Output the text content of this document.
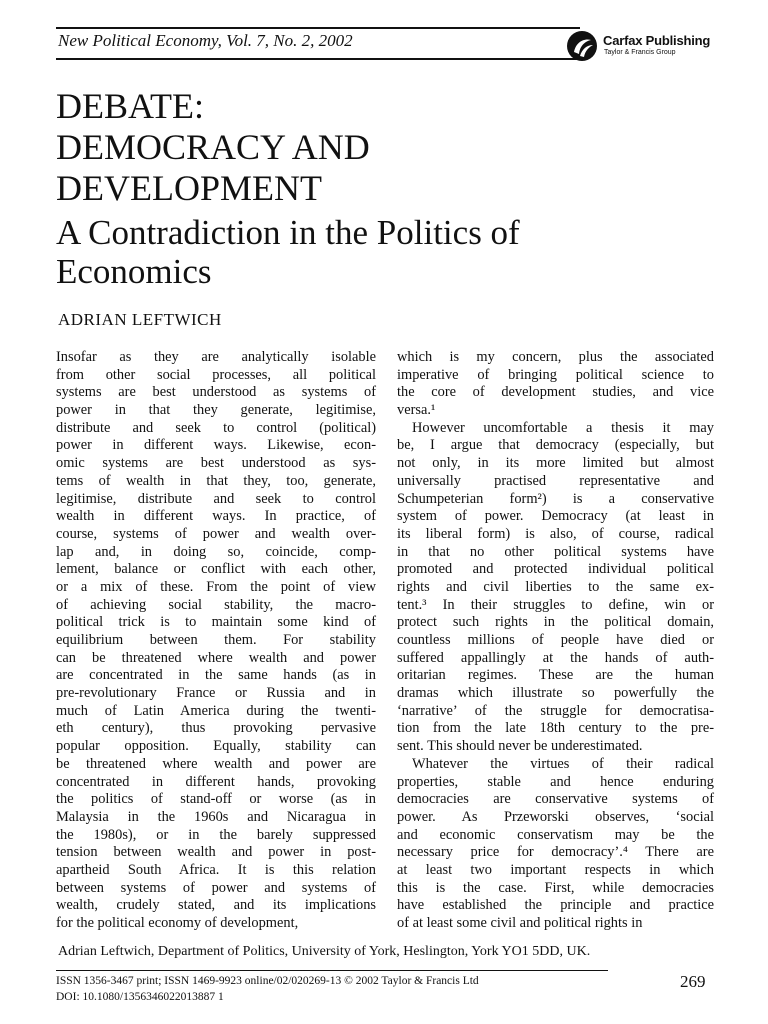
New Political Economy, Vol. 7, No. 2, 2002	Carfax Publishing
Taylor & Francis Group
DEBATE:
DEMOCRACY AND
DEVELOPMENT
A Contradiction in the Politics of
Economics
ADRIAN LEFTWICH
Insofar as they are analytically isolable
from other social processes, all political
systems are best understood as systems of
power in that they generate, legitimise,
distribute and seek to control (political)
power in different ways. Likewise, econ-
omic systems are best understood as sys-
tems of wealth in that they, too, generate,
legitimise, distribute and seek to control
wealth in different ways. In practice, of
course, systems of power and wealth over-
lap and, in doing so, coincide, comp-
lement, balance or conflict with each other,
or a mix of these. From the point of view
of achieving social stability, the macro-
political trick is to maintain some kind of
equilibrium between them. For stability
can be threatened where wealth and power
are concentrated in the same hands (as in
pre-revolutionary France or Russia and in
much of Latin America during the twenti-
eth century), thus provoking pervasive
popular opposition. Equally, stability can
be threatened where wealth and power are
concentrated in different hands, provoking
the politics of stand-off or worse (as in
Malaysia in the 1960s and Nicaragua in
the 1980s), or in the barely suppressed
tension between wealth and power in post-
apartheid South Africa. It is this relation
between systems of power and systems of
wealth, crudely stated, and its implications
for the political economy of development,
which is my concern, plus the associated
imperative of bringing political science to
the core of development studies, and vice
versa.¹
However uncomfortable a thesis it may
be, I argue that democracy (especially, but
not only, in its more limited but almost
universally practised representative and
Schumpeterian form²) is a conservative
system of power. Democracy (at least in
its liberal form) is also, of course, radical
in that no other political systems have
promoted and protected individual political
rights and civil liberties to the same ex-
tent.³ In their struggles to define, win or
protect such rights in the political domain,
countless millions of people have died or
suffered appallingly at the hands of auth-
oritarian regimes. These are the human
dramas which illustrate so powerfully the
‘narrative’ of the struggle for democratisa-
tion from the late 18th century to the pre-
sent. This should never be underestimated.
Whatever the virtues of their radical
properties, stable and hence enduring
democracies are conservative systems of
power. As Przeworski observes, ‘social
and economic conservatism may be the
necessary price for democracy’.⁴ There are
at least two important respects in which
this is the case. First, while democracies
have established the principle and practice
of at least some civil and political rights in
Adrian Leftwich, Department of Politics, University of York, Heslington, York YO1 5DD, UK.
ISSN 1356-3467 print; ISSN 1469-9923 online/02/020269-13 © 2002 Taylor & Francis Ltd
DOI: 10.1080/1356346022013887 1
269
